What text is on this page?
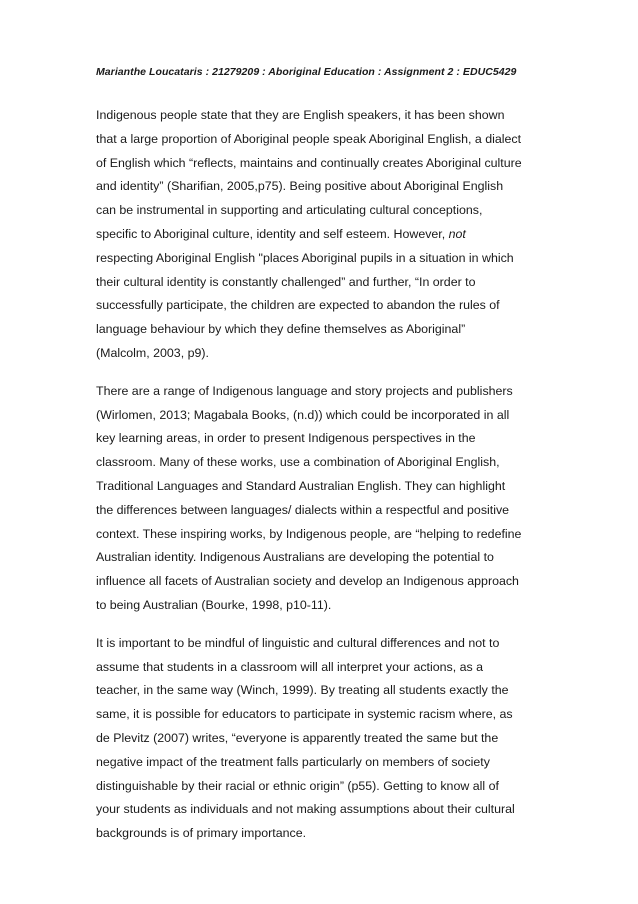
Marianthe Loucataris : 21279209 : Aboriginal Education : Assignment 2 : EDUC5429

Indigenous people state that they are English speakers, it has been shown
that a large proportion of Aboriginal people speak Aboriginal English, a dialect
of English which “reflects, maintains and continually creates Aboriginal culture
and identity” (Sharifian, 2005,p75). Being positive about Aboriginal English
can be instrumental in supporting and articulating cultural conceptions,
specific to Aboriginal culture, identity and self esteem. However, not
respecting Aboriginal English "places Aboriginal pupils in a situation in which
their cultural identity is constantly challenged” and further, “In order to
successfully participate, the children are expected to abandon the rules of
language behaviour by which they define themselves as Aboriginal”
(Malcolm, 2003, p9).

There are a range of Indigenous language and story projects and publishers
(Wirlomen, 2013; Magabala Books, (n.d)) which could be incorporated in all
key learning areas, in order to present Indigenous perspectives in the
classroom. Many of these works, use a combination of Aboriginal English,
Traditional Languages and Standard Australian English. They can highlight
the differences between languages/ dialects within a respectful and positive
context. These inspiring works, by Indigenous people, are “helping to redefine
Australian identity. Indigenous Australians are developing the potential to
influence all facets of Australian society and develop an Indigenous approach
to being Australian (Bourke, 1998, p10-11).

It is important to be mindful of linguistic and cultural differences and not to
assume that students in a classroom will all interpret your actions, as a
teacher, in the same way (Winch, 1999). By treating all students exactly the
same, it is possible for educators to participate in systemic racism where, as
de Plevitz (2007) writes, “everyone is apparently treated the same but the
negative impact of the treatment falls particularly on members of society
distinguishable by their racial or ethnic origin” (p55). Getting to know all of
your students as individuals and not making assumptions about their cultural
backgrounds is of primary importance.
